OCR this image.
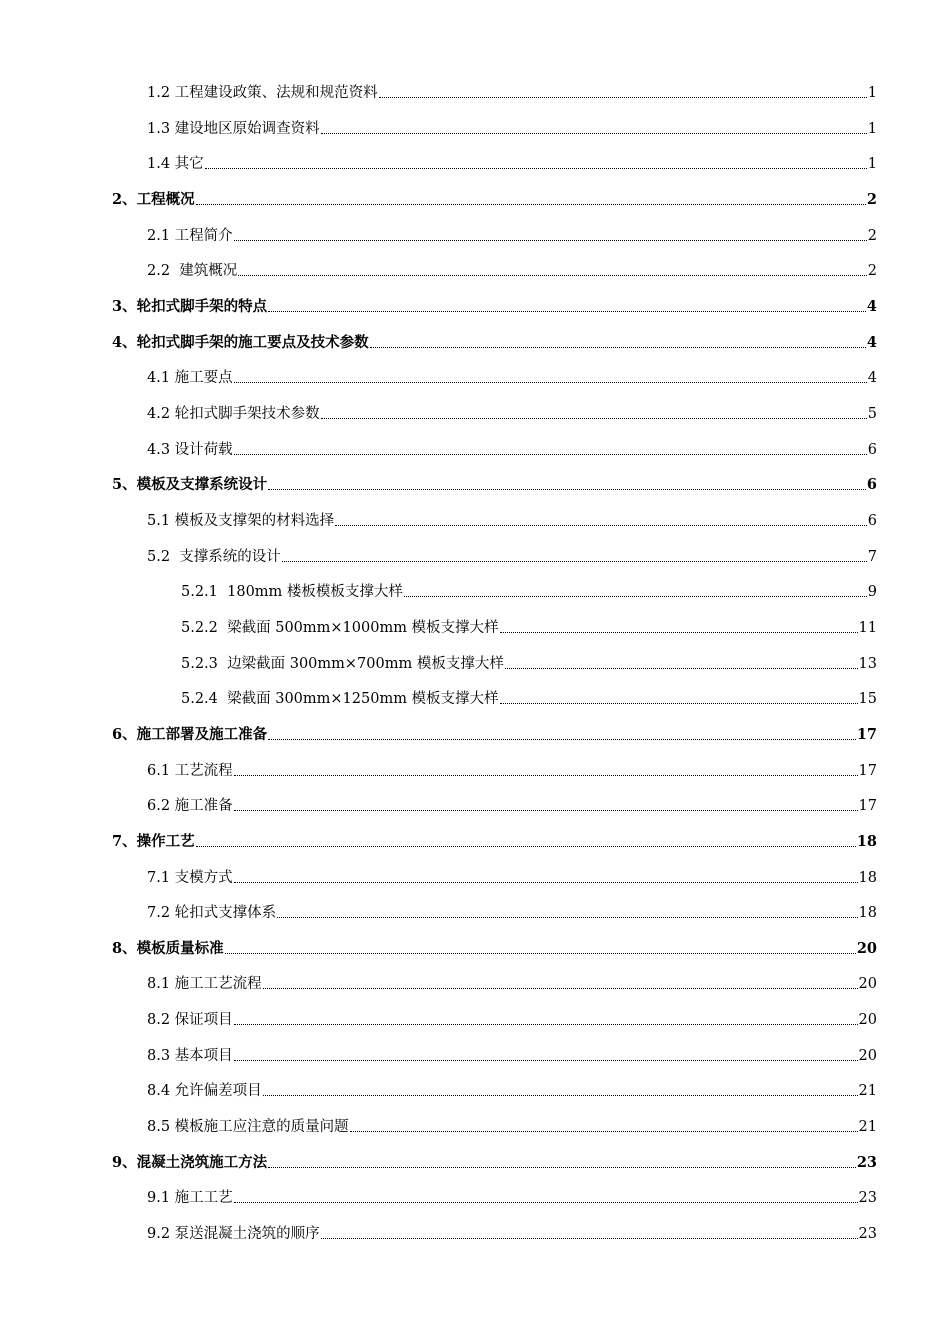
1.2 工程建设政策、法规和规范资料	1
1.3 建设地区原始调查资料	1
1.4 其它	1
2、工程概况	2
2.1 工程简介	2
2.2  建筑概况	2
3、轮扣式脚手架的特点	4
4、轮扣式脚手架的施工要点及技术参数	4
4.1 施工要点	4
4.2 轮扣式脚手架技术参数	5
4.3 设计荷载	6
5、模板及支撑系统设计	6
5.1 模板及支撑架的材料选择	6
5.2  支撑系统的设计	7
5.2.1  180mm 楼板模板支撑大样	9
5.2.2  梁截面 500mm×1000mm 模板支撑大样	11
5.2.3  边梁截面 300mm×700mm 模板支撑大样	13
5.2.4  梁截面 300mm×1250mm 模板支撑大样	15
6、施工部署及施工准备	17
6.1 工艺流程	17
6.2 施工准备	17
7、操作工艺	18
7.1 支模方式	18
7.2 轮扣式支撑体系	18
8、模板质量标准	20
8.1 施工工艺流程	20
8.2 保证项目	20
8.3 基本项目	20
8.4 允许偏差项目	21
8.5 模板施工应注意的质量问题	21
9、混凝土浇筑施工方法	23
9.1 施工工艺	23
9.2 泵送混凝土浇筑的顺序	23
